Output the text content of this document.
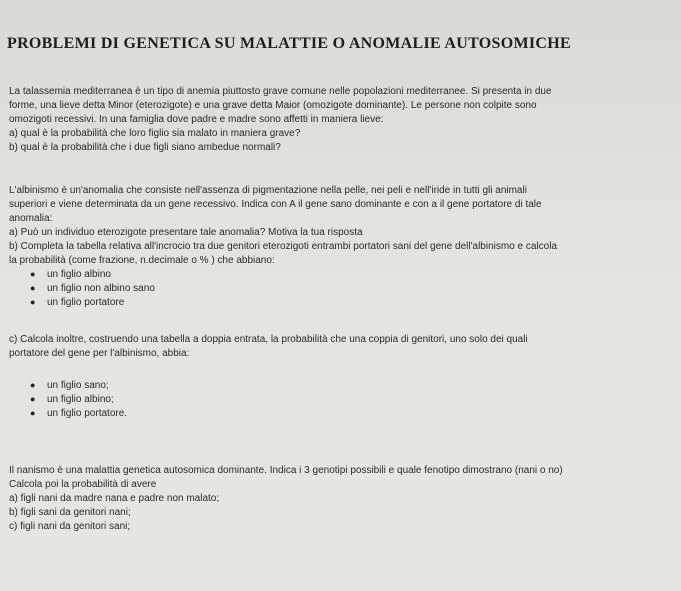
PROBLEMI DI GENETICA SU MALATTIE O ANOMALIE AUTOSOMICHE
La talassemia mediterranea è un tipo di anemia piuttosto grave comune nelle popolazioni mediterranee. Si presenta in due
forme, una lieve detta Minor (eterozigote) e una grave detta Maior (omozigote dominante). Le persone non colpite sono
omozigoti recessivi. In una famiglia dove padre e madre sono affetti in maniera lieve:
a) qual è la probabilità che loro figlio sia malato in maniera grave?
b) qual è la probabilità che i due figli siano ambedue normali?
L'albinismo è un'anomalia che consiste nell'assenza di pigmentazione nella pelle, nei peli e nell'iride in tutti gli animali
superiori e viene determinata da un gene recessivo. Indica con A il gene sano dominante e con a il gene portatore di tale
anomalia:
a) Può un individuo eterozigote presentare tale anomalia? Motiva la tua risposta
b) Completa la tabella relativa all'incrocio tra due genitori eterozigoti entrambi portatori sani del gene dell'albinismo e calcola
la probabilità (come frazione, n.decimale o % ) che abbiano:
● un figlio albino
● un figlio non albino sano
● un figlio portatore
c) Calcola inoltre, costruendo una tabella a doppia entrata, la probabilità che una coppia di genitori, uno solo dei quali
portatore del gene per l'albinismo, abbia:
● un figlio sano;
● un figlio albino;
● un figlio portatore.
Il nanismo è una malattia genetica autosomica dominante. Indica i 3 genotipi possibili e quale fenotipo dimostrano (nani o no)
Calcola poi la probabilità di avere
a) figli nani da madre nana e padre non malato;
b) figli sani da genitori nani;
c) figli nani da genitori sani;
